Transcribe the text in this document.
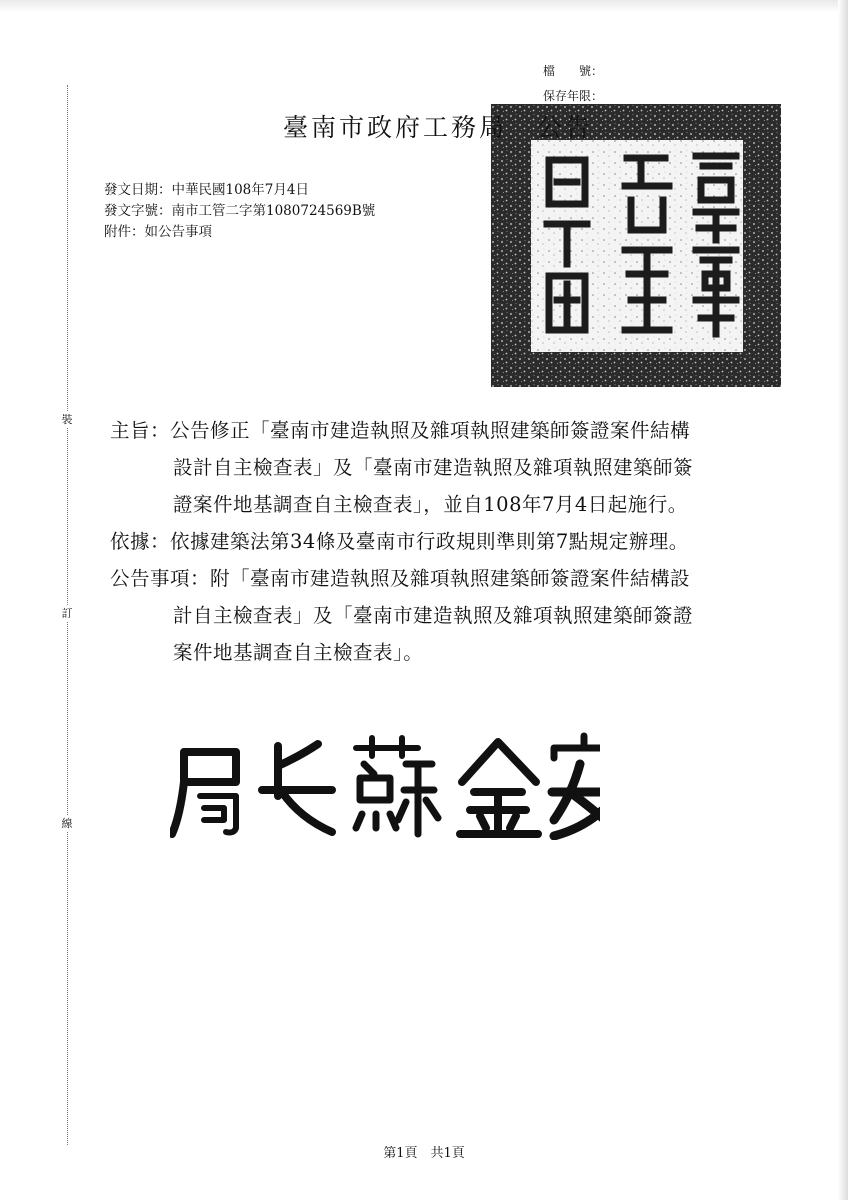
裝
訂
線
檔　　號：
保存年限：
臺南市政府工務局 公告
發文日期：中華民國108年7月4日
發文字號：南市工管二字第1080724569B號
附件：如公告事項
主旨：公告修正「臺南市建造執照及雜項執照建築師簽證案件結構
設計自主檢查表」及「臺南市建造執照及雜項執照建築師簽
證案件地基調查自主檢查表」，並自108年7月4日起施行。
依據：依據建築法第34條及臺南市行政規則準則第7點規定辦理。
公告事項：附「臺南市建造執照及雜項執照建築師簽證案件結構設
計自主檢查表」及「臺南市建造執照及雜項執照建築師簽證
案件地基調查自主檢查表」。
第1頁　共1頁
